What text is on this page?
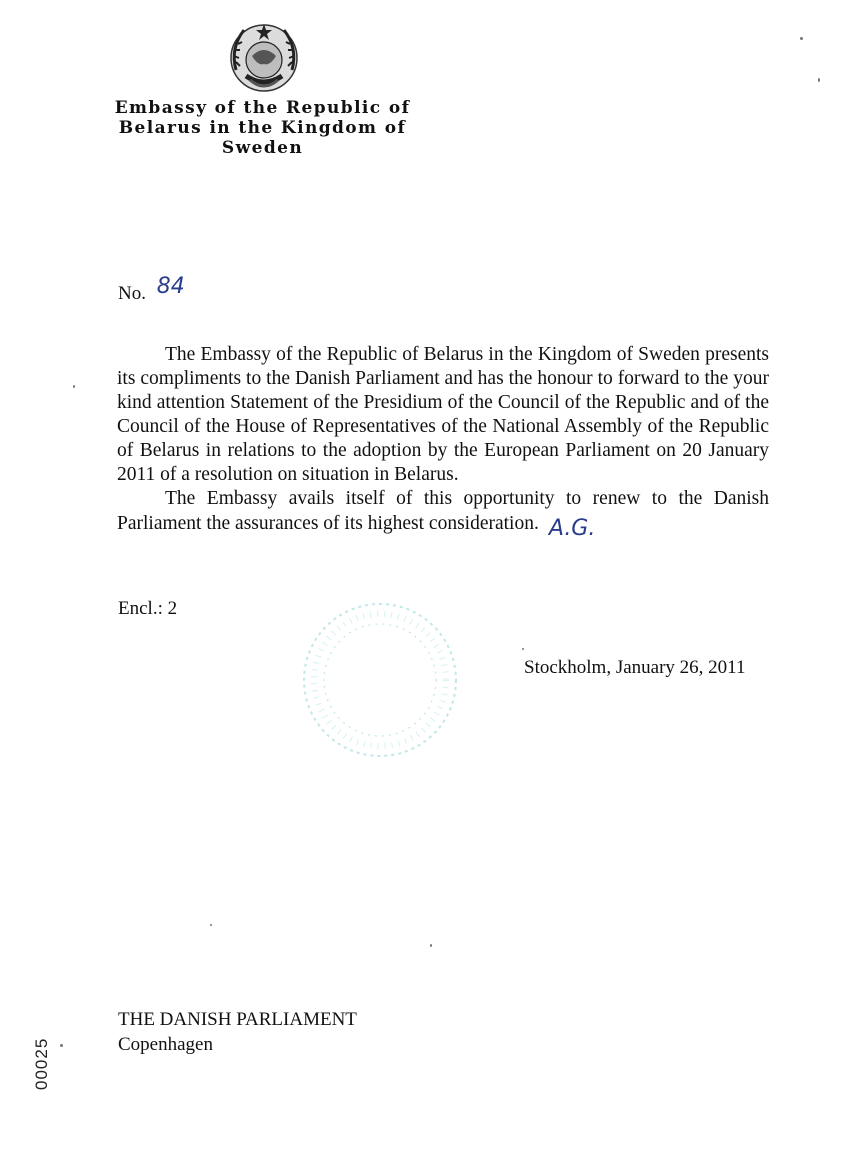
Embassy of the Republic of
Belarus in the Kingdom of
Sweden
No. 84

The Embassy of the Republic of Belarus in the Kingdom of Sweden presents its compliments to the Danish Parliament and has the honour to forward to the your kind attention Statement of the Presidium of the Council of the Republic and of the Council of the House of Representatives of the National Assembly of the Republic of Belarus in relations to the adoption by the European Parliament on 20 January 2011 of a resolution on situation in Belarus.

The Embassy avails itself of this opportunity to renew to the Danish Parliament the assurances of its highest consideration. A.G.

Encl.: 2
Stockholm, January 26, 2011
THE DANISH PARLIAMENT
Copenhagen
00025
